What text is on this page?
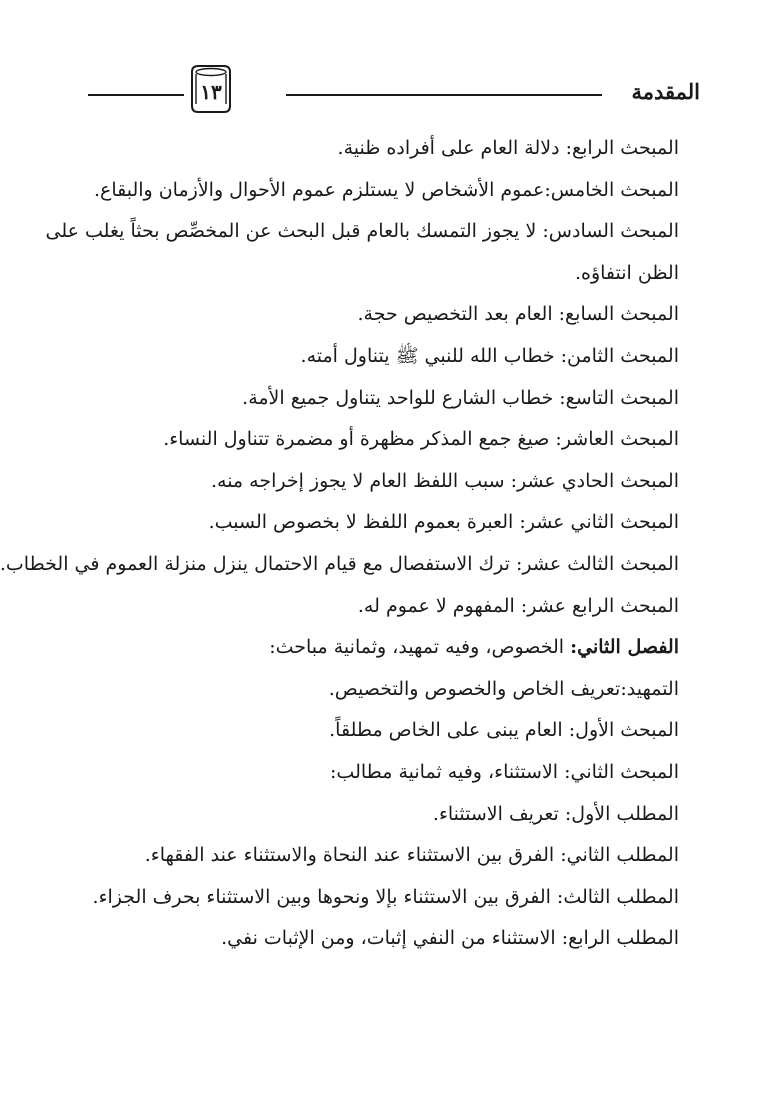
المقدمة
١٣
المبحث الرابع: دلالة العام على أفراده ظنية.
المبحث الخامس:عموم الأشخاص لا يستلزم عموم الأحوال والأزمان والبقاع.
المبحث السادس: لا يجوز التمسك بالعام قبل البحث عن المخصِّص بحثاً يغلب على
الظن انتفاؤه.
المبحث السابع: العام بعد التخصيص حجة.
المبحث الثامن: خطاب الله للنبي ﷺ يتناول أمته.
المبحث التاسع: خطاب الشارع للواحد يتناول جميع الأمة.
المبحث العاشر: صيغ جمع المذكر مظهرة أو مضمرة تتناول النساء.
المبحث الحادي عشر: سبب اللفظ العام لا يجوز إخراجه منه.
المبحث الثاني عشر: العبرة بعموم اللفظ لا بخصوص السبب.
المبحث الثالث عشر: ترك الاستفصال مع قيام الاحتمال ينزل منزلة العموم في الخطاب.
المبحث الرابع عشر: المفهوم لا عموم له.
الفصل الثاني: الخصوص، وفيه تمهيد، وثمانية مباحث:
التمهيد:تعريف الخاص والخصوص والتخصيص.
المبحث الأول: العام يبنى على الخاص مطلقاً.
المبحث الثاني: الاستثناء، وفيه ثمانية مطالب:
المطلب الأول: تعريف الاستثناء.
المطلب الثاني: الفرق بين الاستثناء عند النحاة والاستثناء عند الفقهاء.
المطلب الثالث: الفرق بين الاستثناء بإلا ونحوها وبين الاستثناء بحرف الجزاء.
المطلب الرابع: الاستثناء من النفي إثبات، ومن الإثبات نفي.
